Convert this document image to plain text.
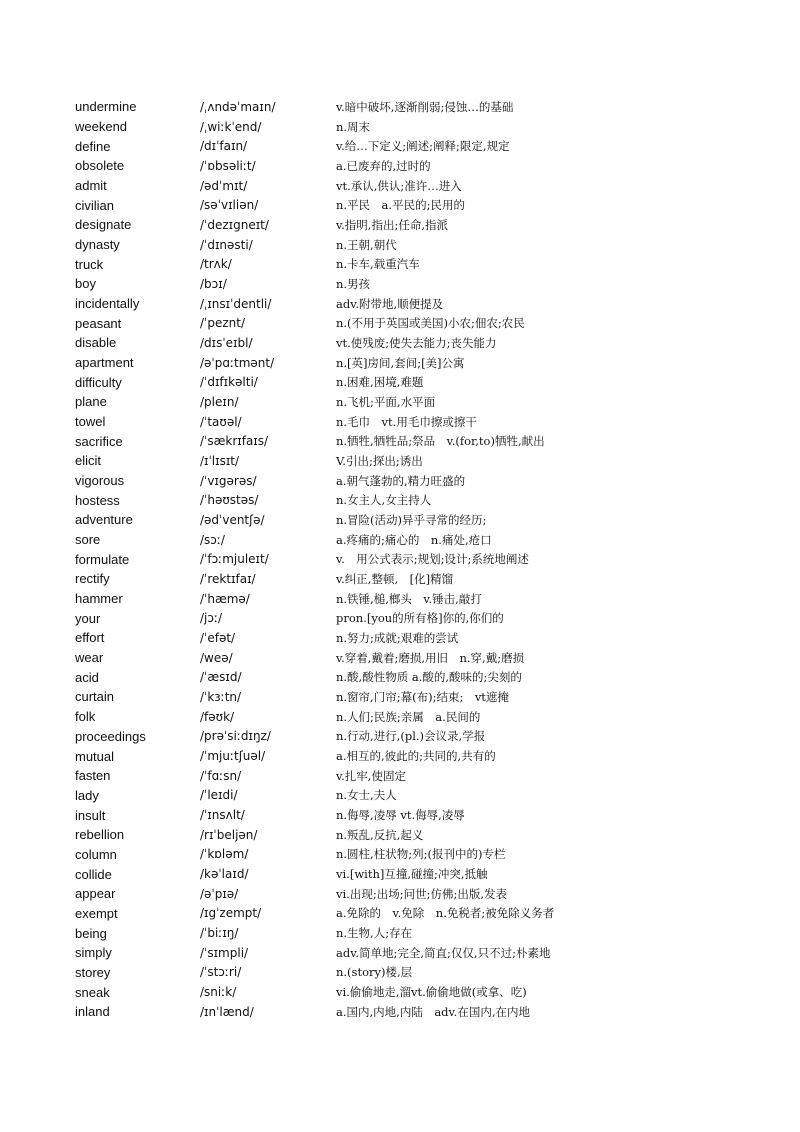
undermine	/ˌʌndəˈmaɪn/	v.暗中破坏,逐渐削弱;侵蚀…的基础
weekend	/ˌwiːkˈend/	n.周末
define	/dɪˈfaɪn/	v.给…下定义;阐述;阐释;限定,规定
obsolete	/ˈɒbsəliːt/	a.已废弃的,过时的
admit	/ədˈmɪt/	vt.承认,供认;准许…进入
civilian	/səˈvɪliən/	n.平民　a.平民的;民用的
designate	/ˈdezɪgneɪt/	v.指明,指出;任命,指派
dynasty	/ˈdɪnəsti/	n.王朝,朝代
truck	/trʌk/	n.卡车,载重汽车
boy	/bɔɪ/	n.男孩
incidentally	/ˌɪnsɪˈdentli/	adv.附带地,顺便提及
peasant	/ˈpeznt/	n.(不用于英国或美国)小农;佃农;农民
disable	/dɪsˈeɪbl/	vt.使残废;使失去能力;丧失能力
apartment	/əˈpɑːtmənt/	n.[英]房间,套间;[美]公寓
difficulty	/ˈdɪfɪkəlti/	n.困难,困境,难题
plane	/pleɪn/	n.飞机;平面,水平面
towel	/ˈtaʊəl/	n.毛巾　vt.用毛巾擦或擦干
sacrifice	/ˈsækrɪfaɪs/	n.牺牲,牺牲品;祭品　v.(for,to)牺牲,献出
elicit	/ɪˈlɪsɪt/	V.引出;探出;诱出
vigorous	/ˈvɪgərəs/	a.朝气蓬勃的,精力旺盛的
hostess	/ˈhəʊstəs/	n.女主人,女主持人
adventure	/ədˈventʃə/	n.冒险(活动)异乎寻常的经历;
sore	/sɔː/	a.疼痛的;痛心的　n.痛处,疮口
formulate	/ˈfɔːmjuleɪt/	v.　用公式表示;规划;设计;系统地阐述
rectify	/ˈrektɪfaɪ/	v.纠正,整顿,　[化]精馏
hammer	/ˈhæmə/	n.铁锤,槌,榔头　v.锤击,敲打
your	/jɔː/	pron.[you的所有格]你的,你们的
effort	/ˈefət/	n.努力;成就;艰难的尝试
wear	/weə/	v.穿着,戴着;磨损,用旧　n.穿,戴;磨损
acid	/ˈæsɪd/	n.酸,酸性物质 a.酸的,酸味的;尖刻的
curtain	/ˈkɜːtn/	n.窗帘,门帘;幕(布);结束;　vt遮掩
folk	/fəʊk/	n.人们;民族;亲属　a.民间的
proceedings	/prəˈsiːdɪŋz/	n.行动,进行,(pl.)会议录,学报
mutual	/ˈmjuːtʃuəl/	a.相互的,彼此的;共同的,共有的
fasten	/ˈfɑːsn/	v.扎牢,使固定
lady	/ˈleɪdi/	n.女士,夫人
insult	/ˈɪnsʌlt/	n.侮辱,凌辱 vt.侮辱,凌辱
rebellion	/rɪˈbeljən/	n.叛乱,反抗,起义
column	/ˈkɒləm/	n.圆柱,柱状物;列;(报刊中的)专栏
collide	/kəˈlaɪd/	vi.[with]互撞,碰撞;冲突,抵触
appear	/əˈpɪə/	vi.出现;出场;问世;仿佛;出版,发表
exempt	/ɪgˈzempt/	a.免除的　v.免除　n.免税者;被免除义务者
being	/ˈbiːɪŋ/	n.生物,人;存在
simply	/ˈsɪmpli/	adv.简单地;完全,简直;仅仅,只不过;朴素地
storey	/ˈstɔːri/	n.(story)楼,层
sneak	/sniːk/	vi.偷偷地走,溜vt.偷偷地做(或拿、吃)
inland	/ɪnˈlænd/	a.国内,内地,内陆　adv.在国内,在内地
